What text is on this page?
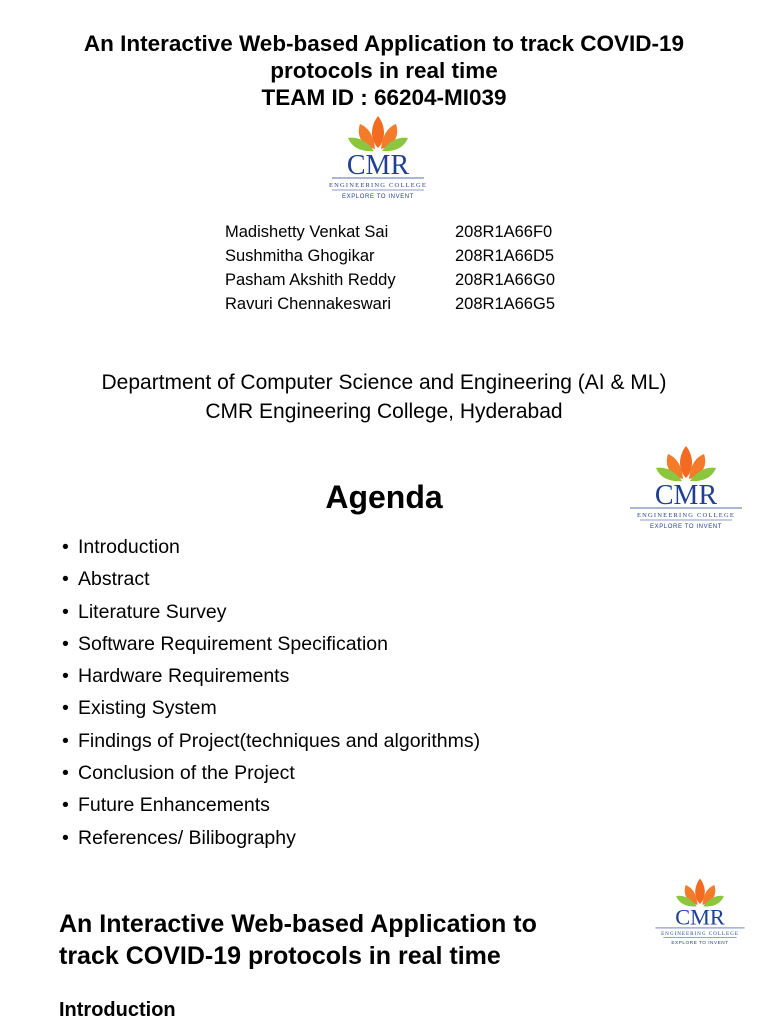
An Interactive Web-based Application to track COVID-19
protocols in real time
TEAM ID : 66204-MI039
CMR
ENGINEERING COLLEGE
EXPLORE TO INVENT
Madishetty Venkat Sai	208R1A66F0
Sushmitha Ghogikar	208R1A66D5
Pasham Akshith Reddy	208R1A66G0
Ravuri Chennakeswari	208R1A66G5
Department of Computer Science and Engineering (AI & ML)
CMR Engineering College, Hyderabad
Agenda	CMR
ENGINEERING COLLEGE
EXPLORE TO INVENT
• Introduction
• Abstract
• Literature Survey
• Software Requirement Specification
• Hardware Requirements
• Existing System
• Findings of Project(techniques and algorithms)
• Conclusion of the Project
• Future Enhancements
• References/ Bilibography
An Interactive Web-based Application to
track COVID-19 protocols in real time
CMR
ENGINEERING COLLEGE
EXPLORE TO INVENT
Introduction
